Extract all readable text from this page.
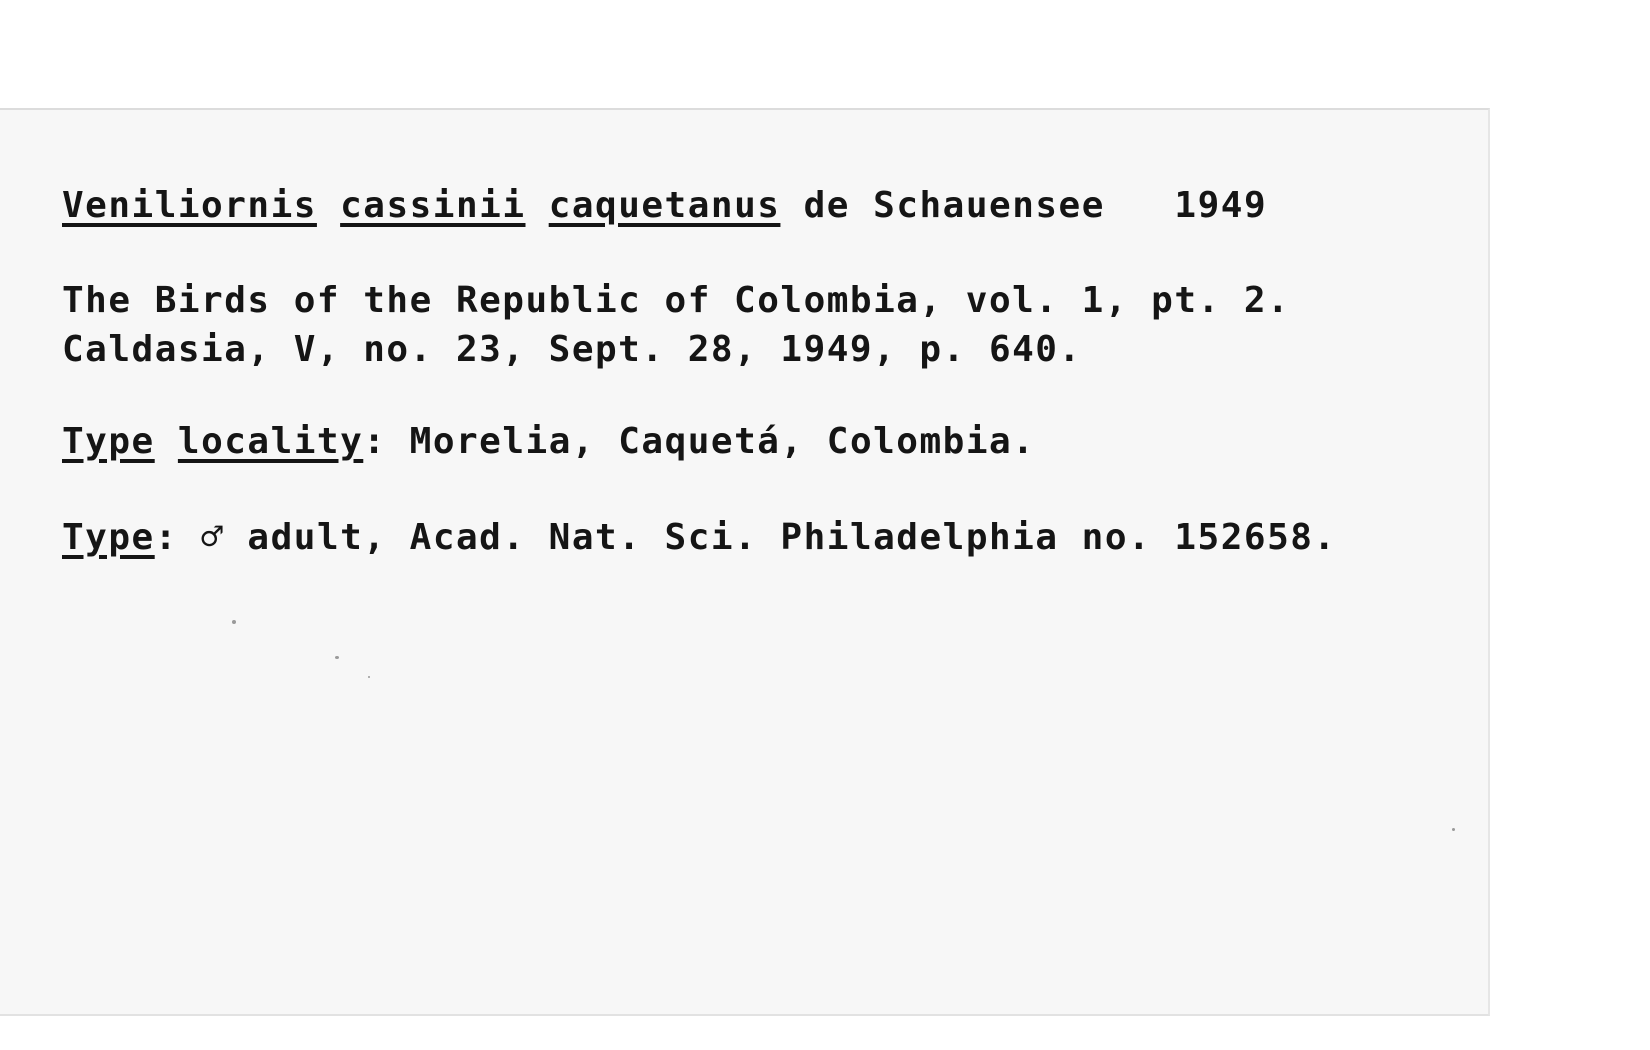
Veniliornis cassinii caquetanus de Schauensee 1949
The Birds of the Republic of Colombia, vol. 1, pt. 2.
Caldasia, V, no. 23, Sept. 28, 1949, p. 640.
Type locality: Morelia, Caquetá, Colombia.
Type: ♂ adult, Acad. Nat. Sci. Philadelphia no. 152658.
